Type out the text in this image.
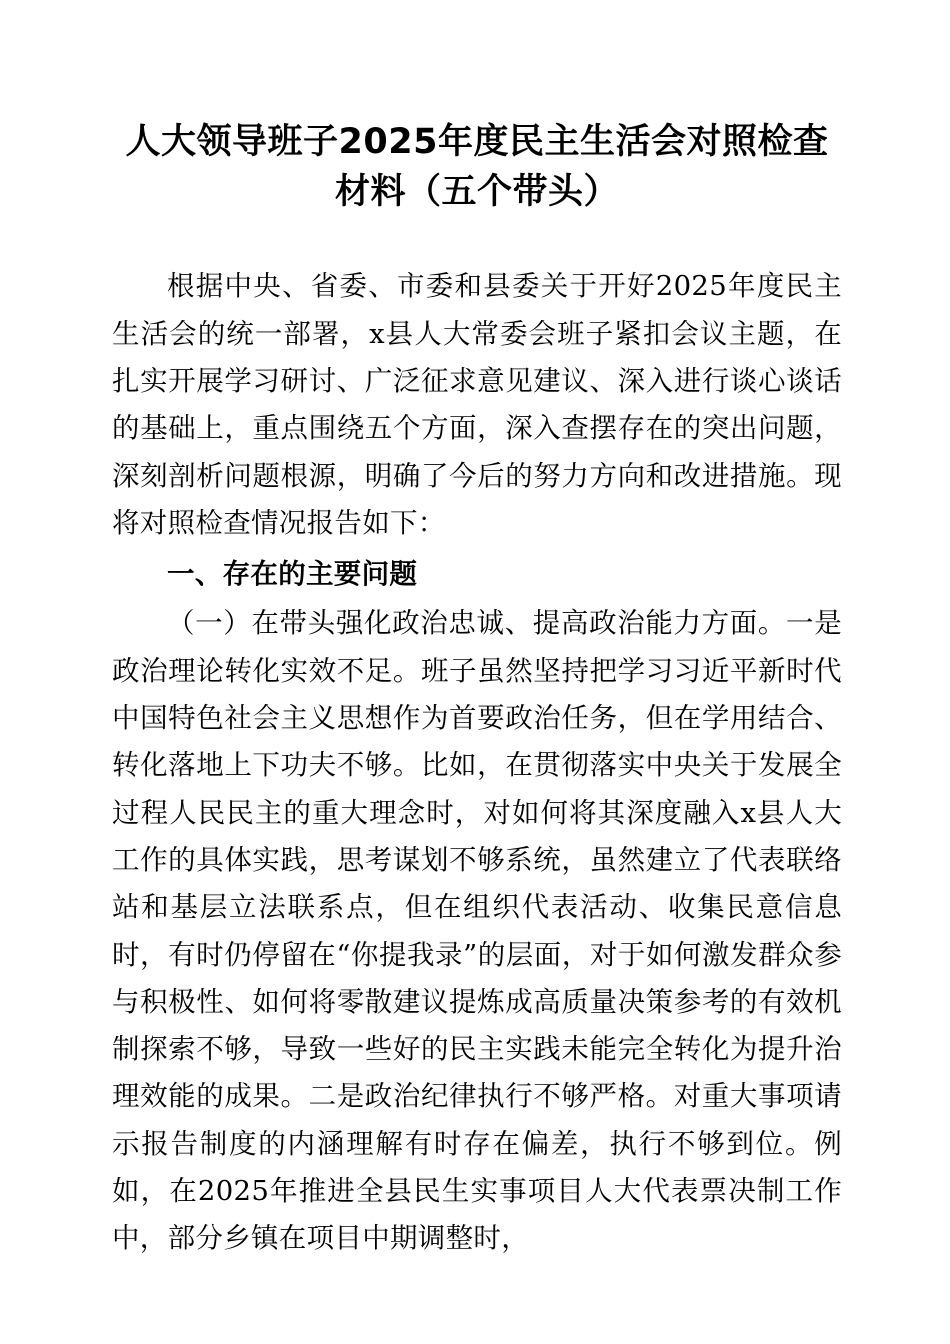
人大领导班子2025年度民主生活会对照检查材料（五个带头）

根据中央、省委、市委和县委关于开好2025年度民主生活会的统一部署，x县人大常委会班子紧扣会议主题，在扎实开展学习研讨、广泛征求意见建议、深入进行谈心谈话的基础上，重点围绕五个方面，深入查摆存在的突出问题，深刻剖析问题根源，明确了今后的努力方向和改进措施。现将对照检查情况报告如下：

一、存在的主要问题

（一）在带头强化政治忠诚、提高政治能力方面。一是政治理论转化实效不足。班子虽然坚持把学习习近平新时代中国特色社会主义思想作为首要政治任务，但在学用结合、转化落地上下功夫不够。比如，在贯彻落实中央关于发展全过程人民民主的重大理念时，对如何将其深度融入x县人大工作的具体实践，思考谋划不够系统，虽然建立了代表联络站和基层立法联系点，但在组织代表活动、收集民意信息时，有时仍停留在“你提我录”的层面，对于如何激发群众参与积极性、如何将零散建议提炼成高质量决策参考的有效机制探索不够，导致一些好的民主实践未能完全转化为提升治理效能的成果。二是政治纪律执行不够严格。对重大事项请示报告制度的内涵理解有时存在偏差，执行不够到位。例如，在2025年推进全县民生实事项目人大代表票决制工作中，部分乡镇在项目中期调整时，
